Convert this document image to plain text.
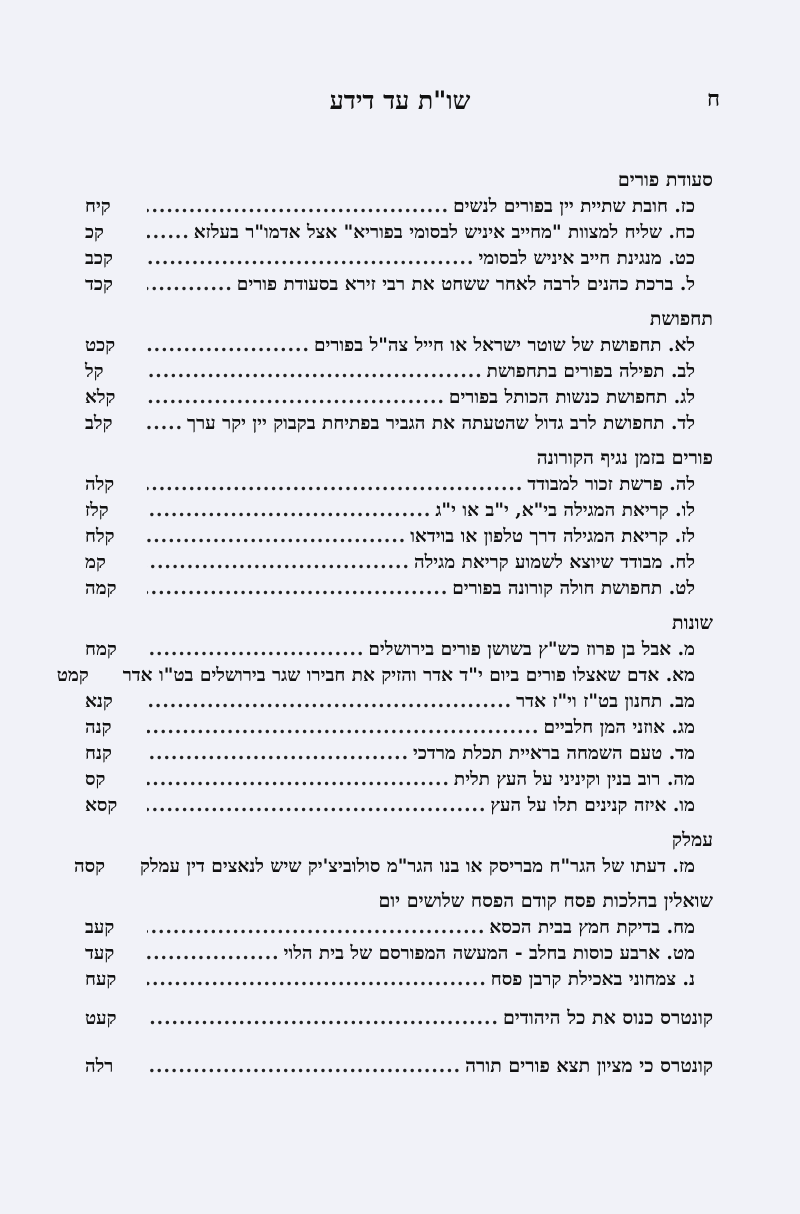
שו"ת עד דידע	ח
סעודת פורים
כז. חובת שתיית יין בפורים לנשים
.....
קיח
כח. שליח למצוות "מחייב איניש לבסומי בפוריא" אצל אדמו"ר בעלזא
.....
קכ
כט. מנגינת חייב איניש לבסומי
.....
קכב
ל. ברכת כהנים לרבה לאחר ששחט את רבי זירא בסעודת פורים
.....
קכד
תחפושת
לא. תחפושת של שוטר ישראל או חייל צה"ל בפורים
.....
קכט
לב. תפילה בפורים בתחפושת
.....
קל
לג. תחפושת כנשות הכותל בפורים
.....
קלא
לד. תחפושת לרב גדול שהטעתה את הגביר בפתיחת בקבוק יין יקר ערך
.....
קלב
פורים בזמן נגיף הקורונה
לה. פרשת זכור למבודד
.....
קלה
לו. קריאת המגילה בי"א, י"ב או י"ג
.....
קלז
לז. קריאת המגילה דרך טלפון או בוידאו
.....
קלח
לח. מבודד שיוצא לשמוע קריאת מגילה
.....
קמ
לט. תחפושת חולה קורונה בפורים
.....
קמה
שונות
מ. אבל בן פרוז כש"ץ בשושן פורים בירושלים
.....
קמח
מא. אדם שאצלו פורים ביום י"ד אדר והזיק את חבירו שגר בירושלים בט"ו אדר
קמט
מב. תחנון בט"ז וי"ז אדר
.....
קנא
מג. אוזני המן חלביים
.....
קנה
מד. טעם השמחה בראיית תכלת מרדכי
.....
קנח
מה. רוב בנין וקיניני על העץ תלית
.....
קס
מו. איזה קנינים תלו על העץ
.....
קסא
עמלק
מז. דעתו של הגר"ח מבריסק או בנו הגר"מ סולוביצ'יק שיש לנאצים דין עמלק
קסה
שואלין בהלכות פסח קודם הפסח שלושים יום
מח. בדיקת חמץ בבית הכסא
.....
קעב
מט. ארבע כוסות בחלב - המעשה המפורסם של בית הלוי
.....
קעד
נ. צמחוני באכילת קרבן פסח
.....
קעח
קונטרס כנוס את כל היהודים
.....
קעט
קונטרס כי מציון תצא פורים תורה
.....
רלה
